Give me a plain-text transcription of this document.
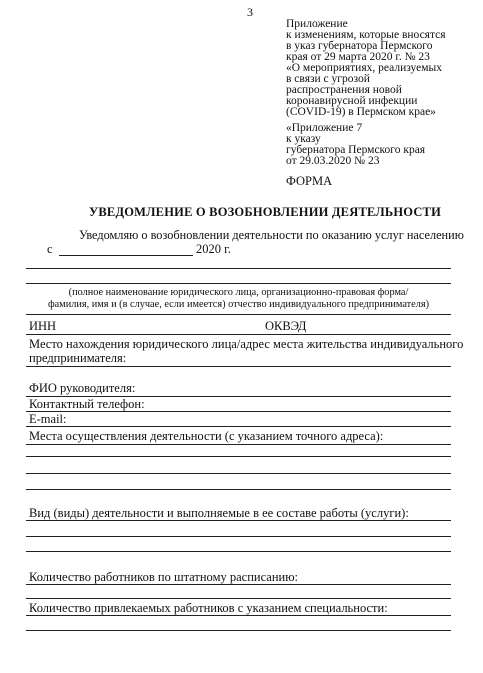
3
Приложение
к изменениям, которые вносятся
в указ губернатора Пермского
края от 29 марта 2020 г. № 23
«О мероприятиях, реализуемых
в связи с угрозой
распространения новой
коронавирусной инфекции
(COVID-19) в Пермском крае»
«Приложение 7
к указу
губернатора Пермского края
от 29.03.2020 № 23
ФОРМА
УВЕДОМЛЕНИЕ О ВОЗОБНОВЛЕНИИ ДЕЯТЕЛЬНОСТИ
Уведомляю о возобновлении деятельности по оказанию услуг населению
с	2020 г.
(полное наименование юридического лица, организационно-правовая форма/
фамилия, имя и (в случае, если имеется) отчество индивидуального предпринимателя)
ИНН	ОКВЭД
Место нахождения юридического лица/адрес места жительства индивидуального
предпринимателя:
ФИО руководителя:
Контактный телефон:
E-mail:
Места осуществления деятельности (с указанием точного адреса):
Вид (виды) деятельности и выполняемые в ее составе работы (услуги):
Количество работников по штатному расписанию:
Количество привлекаемых работников с указанием специальности:
